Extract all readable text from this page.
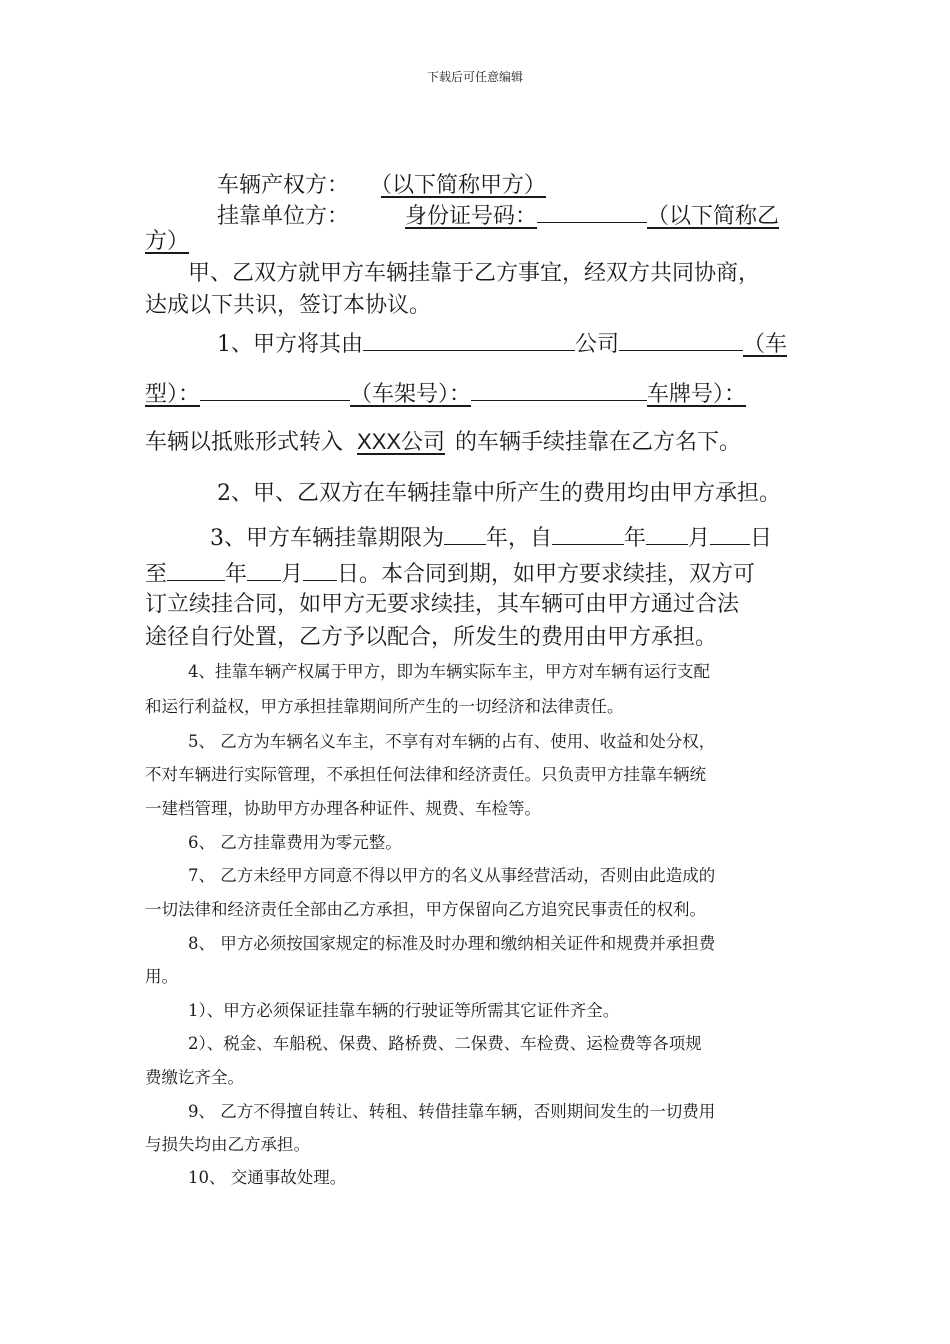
下载后可任意编辑
车辆产权方： （以下简称甲方）
挂靠单位方：	身份证号码：	（以下简称乙
方）
甲、乙双方就甲方车辆挂靠于乙方事宜，经双方共同协商，
达成以下共识，签订本协议。
1、甲方将其由	公司	（车
型）：	（车架号）：	车牌号）：
车辆以抵账形式转入 XXX公司 的车辆手续挂靠在乙方名下。
2、甲、乙双方在车辆挂靠中所产生的费用均由甲方承担。
3、甲方车辆挂靠期限为 年，自	年 月 日
至	年 月 日。本合同到期，如甲方要求续挂，双方可
订立续挂合同，如甲方无要求续挂，其车辆可由甲方通过合法
途径自行处置，乙方予以配合，所发生的费用由甲方承担。
4、挂靠车辆产权属于甲方，即为车辆实际车主，甲方对车辆有运行支配
和运行利益权，甲方承担挂靠期间所产生的一切经济和法律责任。
5、 乙方为车辆名义车主，不享有对车辆的占有、使用、收益和处分权，
不对车辆进行实际管理，不承担任何法律和经济责任。只负责甲方挂靠车辆统
一建档管理，协助甲方办理各种证件、规费、车检等。
6、 乙方挂靠费用为零元整。
7、 乙方未经甲方同意不得以甲方的名义从事经营活动，否则由此造成的
一切法律和经济责任全部由乙方承担，甲方保留向乙方追究民事责任的权利。
8、 甲方必须按国家规定的标准及时办理和缴纳相关证件和规费并承担费
用。
1）、甲方必须保证挂靠车辆的行驶证等所需其它证件齐全。
2）、税金、车船税、保费、路桥费、二保费、车检费、运检费等各项规
费缴讫齐全。
9、 乙方不得擅自转让、转租、转借挂靠车辆，否则期间发生的一切费用
与损失均由乙方承担。
10、 交通事故处理。
